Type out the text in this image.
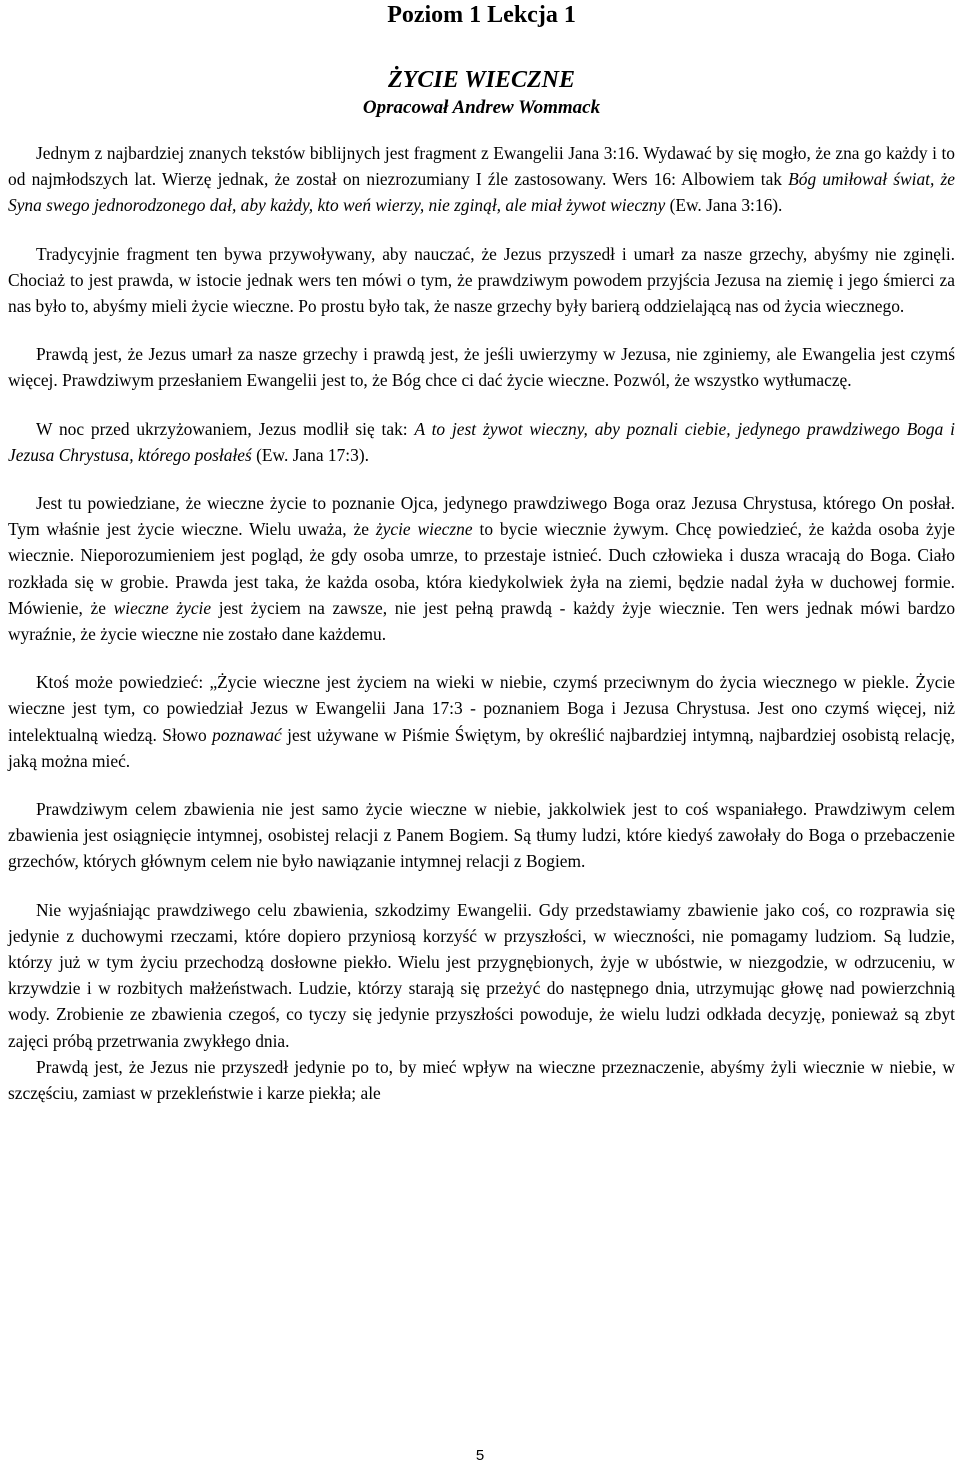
Poziom 1 Lekcja 1
ŻYCIE WIECZNE
Opracował Andrew Wommack

Jednym z najbardziej znanych tekstów biblijnych jest fragment z Ewangelii Jana 3:16. Wydawać by się mogło, że zna go każdy i to od najmłodszych lat. Wierzę jednak, że został on niezrozumiany I źle zastosowany. Wers 16: Albowiem tak Bóg umiłował świat, że Syna swego jednorodzonego dał, aby każdy, kto weń wierzy, nie zginął, ale miał żywot wieczny (Ew. Jana 3:16).

Tradycyjnie fragment ten bywa przywoływany, aby nauczać, że Jezus przyszedł i umarł za nasze grzechy, abyśmy nie zginęli. Chociaż to jest prawda, w istocie jednak wers ten mówi o tym, że prawdziwym powodem przyjścia Jezusa na ziemię i jego śmierci za nas było to, abyśmy mieli życie wieczne. Po prostu było tak, że nasze grzechy były barierą oddzielającą nas od życia wiecznego.

Prawdą jest, że Jezus umarł za nasze grzechy i prawdą jest, że jeśli uwierzymy w Jezusa, nie zginiemy, ale Ewangelia jest czymś więcej. Prawdziwym przesłaniem Ewangelii jest to, że Bóg chce ci dać życie wieczne. Pozwól, że wszystko wytłumaczę.

W noc przed ukrzyżowaniem, Jezus modlił się tak: A to jest żywot wieczny, aby poznali ciebie, jedynego prawdziwego Boga i Jezusa Chrystusa, którego posłałeś (Ew. Jana 17:3).

Jest tu powiedziane, że wieczne życie to poznanie Ojca, jedynego prawdziwego Boga oraz Jezusa Chrystusa, którego On posłał. Tym właśnie jest życie wieczne. Wielu uważa, że życie wieczne to bycie wiecznie żywym. Chcę powiedzieć, że każda osoba żyje wiecznie. Nieporozumieniem jest pogląd, że gdy osoba umrze, to przestaje istnieć. Duch człowieka i dusza wracają do Boga. Ciało rozkłada się w grobie. Prawda jest taka, że każda osoba, która kiedykolwiek żyła na ziemi, będzie nadal żyła w duchowej formie. Mówienie, że wieczne życie jest życiem na zawsze, nie jest pełną prawdą - każdy żyje wiecznie. Ten wers jednak mówi bardzo wyraźnie, że życie wieczne nie zostało dane każdemu.

Ktoś może powiedzieć: „Życie wieczne jest życiem na wieki w niebie, czymś przeciwnym do życia wiecznego w piekle. Życie wieczne jest tym, co powiedział Jezus w Ewangelii Jana 17:3 - poznaniem Boga i Jezusa Chrystusa. Jest ono czymś więcej, niż intelektualną wiedzą. Słowo poznawać jest używane w Piśmie Świętym, by określić najbardziej intymną, najbardziej osobistą relację, jaką można mieć.

Prawdziwym celem zbawienia nie jest samo życie wieczne w niebie, jakkolwiek jest to coś wspaniałego. Prawdziwym celem zbawienia jest osiągnięcie intymnej, osobistej relacji z Panem Bogiem. Są tłumy ludzi, które kiedyś zawołały do Boga o przebaczenie grzechów, których głównym celem nie było nawiązanie intymnej relacji z Bogiem.

Nie wyjaśniając prawdziwego celu zbawienia, szkodzimy Ewangelii. Gdy przedstawiamy zbawienie jako coś, co rozprawia się jedynie z duchowymi rzeczami, które dopiero przyniosą korzyść w przyszłości, w wieczności, nie pomagamy ludziom. Są ludzie, którzy już w tym życiu przechodzą dosłowne piekło. Wielu jest przygnębionych, żyje w ubóstwie, w niezgodzie, w odrzuceniu, w krzywdzie i w rozbitych małżeństwach. Ludzie, którzy starają się przeżyć do następnego dnia, utrzymując głowę nad powierzchnią wody. Zrobienie ze zbawienia czegoś, co tyczy się jedynie przyszłości powoduje, że wielu ludzi odkłada decyzję, ponieważ są zbyt zajęci próbą przetrwania zwykłego dnia.

Prawdą jest, że Jezus nie przyszedł jedynie po to, by mieć wpływ na wieczne przeznaczenie, abyśmy żyli wiecznie w niebie, w szczęściu, zamiast w przekleństwie i karze piekła; ale

5
